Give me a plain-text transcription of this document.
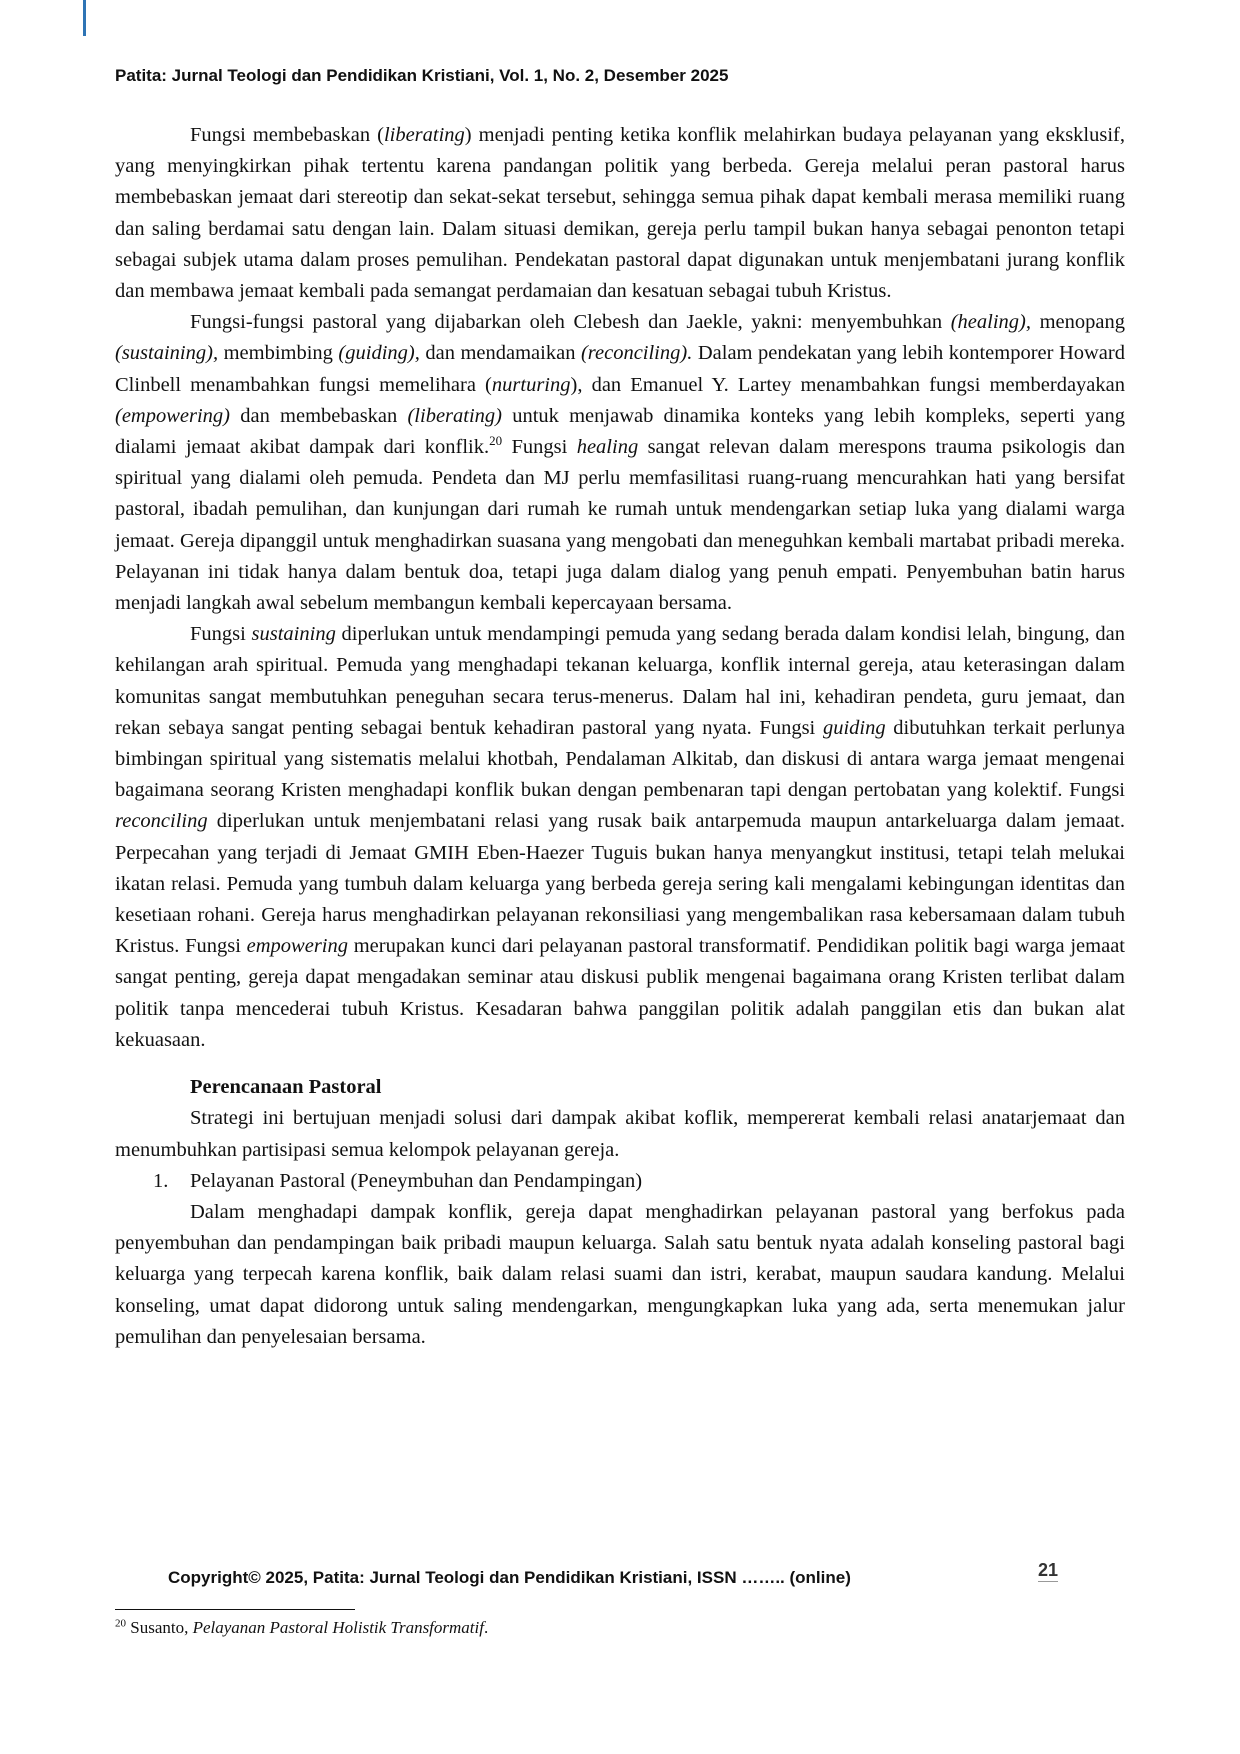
Patita: Jurnal Teologi dan Pendidikan Kristiani, Vol. 1, No. 2, Desember 2025

Fungsi membebaskan (liberating) menjadi penting ketika konflik melahirkan budaya pelayanan yang eksklusif, yang menyingkirkan pihak tertentu karena pandangan politik yang berbeda. Gereja melalui peran pastoral harus membebaskan jemaat dari stereotip dan sekat-sekat tersebut, sehingga semua pihak dapat kembali merasa memiliki ruang dan saling berdamai satu dengan lain. Dalam situasi demikan, gereja perlu tampil bukan hanya sebagai penonton tetapi sebagai subjek utama dalam proses pemulihan. Pendekatan pastoral dapat digunakan untuk menjembatani jurang konflik dan membawa jemaat kembali pada semangat perdamaian dan kesatuan sebagai tubuh Kristus.

Fungsi-fungsi pastoral yang dijabarkan oleh Clebesh dan Jaekle, yakni: menyembuhkan (healing), menopang (sustaining), membimbing (guiding), dan mendamaikan (reconciling). Dalam pendekatan yang lebih kontemporer Howard Clinbell menambahkan fungsi memelihara (nurturing), dan Emanuel Y. Lartey menambahkan fungsi memberdayakan (empowering) dan membebaskan (liberating) untuk menjawab dinamika konteks yang lebih kompleks, seperti yang dialami jemaat akibat dampak dari konflik.$^{20}$ Fungsi healing sangat relevan dalam merespons trauma psikologis dan spiritual yang dialami oleh pemuda. Pendeta dan MJ perlu memfasilitasi ruang-ruang mencurahkan hati yang bersifat pastoral, ibadah pemulihan, dan kunjungan dari rumah ke rumah untuk mendengarkan setiap luka yang dialami warga jemaat. Gereja dipanggil untuk menghadirkan suasana yang mengobati dan meneguhkan kembali martabat pribadi mereka. Pelayanan ini tidak hanya dalam bentuk doa, tetapi juga dalam dialog yang penuh empati. Penyembuhan batin harus menjadi langkah awal sebelum membangun kembali kepercayaan bersama.

Fungsi sustaining diperlukan untuk mendampingi pemuda yang sedang berada dalam kondisi lelah, bingung, dan kehilangan arah spiritual. Pemuda yang menghadapi tekanan keluarga, konflik internal gereja, atau keterasingan dalam komunitas sangat membutuhkan peneguhan secara terus-menerus. Dalam hal ini, kehadiran pendeta, guru jemaat, dan rekan sebaya sangat penting sebagai bentuk kehadiran pastoral yang nyata. Fungsi guiding dibutuhkan terkait perlunya bimbingan spiritual yang sistematis melalui khotbah, Pendalaman Alkitab, dan diskusi di antara warga jemaat mengenai bagaimana seorang Kristen menghadapi konflik bukan dengan pembenaran tapi dengan pertobatan yang kolektif. Fungsi reconciling diperlukan untuk menjembatani relasi yang rusak baik antarpemuda maupun antarkeluarga dalam jemaat. Perpecahan yang terjadi di Jemaat GMIH Eben-Haezer Tuguis bukan hanya menyangkut institusi, tetapi telah melukai ikatan relasi. Pemuda yang tumbuh dalam keluarga yang berbeda gereja sering kali mengalami kebingungan identitas dan kesetiaan rohani. Gereja harus menghadirkan pelayanan rekonsiliasi yang mengembalikan rasa kebersamaan dalam tubuh Kristus. Fungsi empowering merupakan kunci dari pelayanan pastoral transformatif. Pendidikan politik bagi warga jemaat sangat penting, gereja dapat mengadakan seminar atau diskusi publik mengenai bagaimana orang Kristen terlibat dalam politik tanpa mencederai tubuh Kristus. Kesadaran bahwa panggilan politik adalah panggilan etis dan bukan alat kekuasaan.

Perencanaan Pastoral

Strategi ini bertujuan menjadi solusi dari dampak akibat koflik, mempererat kembali relasi anatarjemaat dan menumbuhkan partisipasi semua kelompok pelayanan gereja.

1. Pelayanan Pastoral (Peneymbuhan dan Pendampingan)

Dalam menghadapi dampak konflik, gereja dapat menghadirkan pelayanan pastoral yang berfokus pada penyembuhan dan pendampingan baik pribadi maupun keluarga. Salah satu bentuk nyata adalah konseling pastoral bagi keluarga yang terpecah karena konflik, baik dalam relasi suami dan istri, kerabat, maupun saudara kandung. Melalui konseling, umat dapat didorong untuk saling mendengarkan, mengungkapkan luka yang ada, serta menemukan jalur pemulihan dan penyelesaian bersama.

Copyright© 2025, Patita: Jurnal Teologi dan Pendidikan Kristiani, ISSN …….. (online)	21
$^{20}$ Susanto, Pelayanan Pastoral Holistik Transformatif.
